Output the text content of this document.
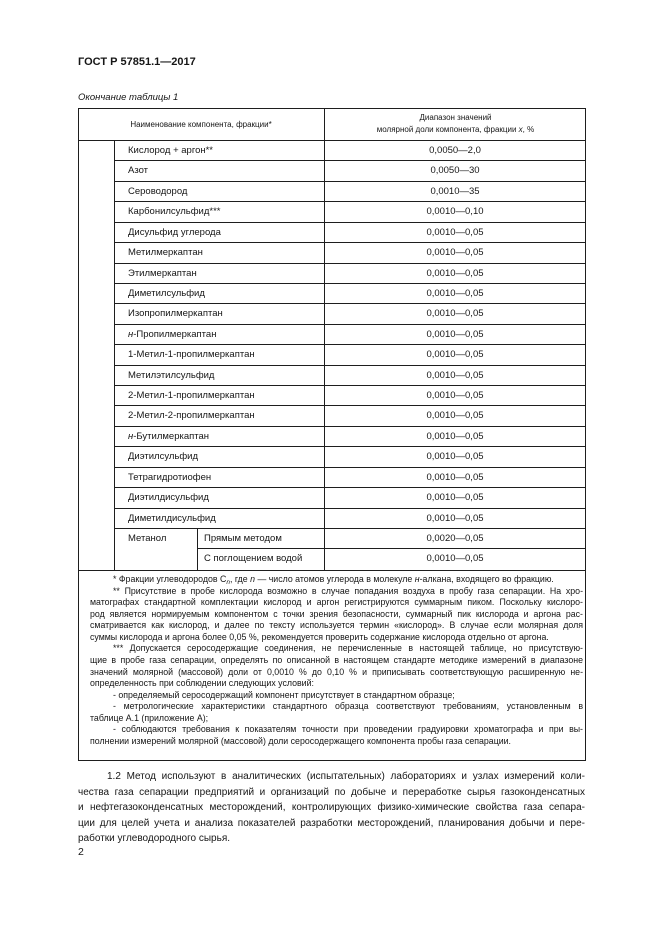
ГОСТ Р 57851.1—2017
Окончание таблицы 1
Наименование компонента, фракции*
Диапазон значений
молярной доли компонента, фракции x, %
Кислород + аргон**	0,0050—2,0
Азот	0,0050—30
Сероводород	0,0010—35
Карбонилсульфид***	0,0010—0,10
Дисульфид углерода	0,0010—0,05
Метилмеркаптан	0,0010—0,05
Этилмеркаптан	0,0010—0,05
Диметилсульфид	0,0010—0,05
Изопропилмеркаптан	0,0010—0,05
н-Пропилмеркаптан	0,0010—0,05
1-Метил-1-пропилмеркаптан	0,0010—0,05
Метилэтилсульфид	0,0010—0,05
2-Метил-1-пропилмеркаптан	0,0010—0,05
2-Метил-2-пропилмеркаптан	0,0010—0,05
н-Бутилмеркаптан	0,0010—0,05
Диэтилсульфид	0,0010—0,05
Тетрагидротиофен	0,0010—0,05
Диэтилдисульфид	0,0010—0,05
Диметилдисульфид	0,0010—0,05
Метанол	Прямым методом	0,0020—0,05
С поглощением водой	0,0010—0,05
* Фракции углеводородов $C_n$, где n — число атомов углерода в молекуле н-алкана, входящего во фракцию.
** Присутствие в пробе кислорода возможно в случае попадания воздуха в пробу газа сепарации. На хро-
матографах стандартной комплектации кислород и аргон регистрируются суммарным пиком. Поскольку кислоро-
род является нормируемым компонентом с точки зрения безопасности, суммарный пик кислорода и аргона рас-
сматривается как кислород, и далее по тексту используется термин «кислород». В случае если молярная доля
суммы кислорода и аргона более 0,05 %, рекомендуется проверить содержание кислорода отдельно от аргона.
*** Допускается серосодержащие соединения, не перечисленные в настоящей таблице, но присутствую-
щие в пробе газа сепарации, определять по описанной в настоящем стандарте методике измерений в диапазоне
значений молярной (массовой) доли от 0,0010 % до 0,10 % и приписывать соответствующую расширенную не-
определенность при соблюдении следующих условий:
- определяемый серосодержащий компонент присутствует в стандартном образце;
- метрологические характеристики стандартного образца соответствуют требованиям, установленным в
таблице А.1 (приложение А);
- соблюдаются требования к показателям точности при проведении градуировки хроматографа и при вы-
полнении измерений молярной (массовой) доли серосодержащего компонента пробы газа сепарации.
1.2 Метод используют в аналитических (испытательных) лабораториях и узлах измерений коли-
чества газа сепарации предприятий и организаций по добыче и переработке сырья газоконденсатных
и нефтегазоконденсатных месторождений, контролирующих физико-химические свойства газа сепара-
ции для целей учета и анализа показателей разработки месторождений, планирования добычи и пере-
работки углеводородного сырья.
2
